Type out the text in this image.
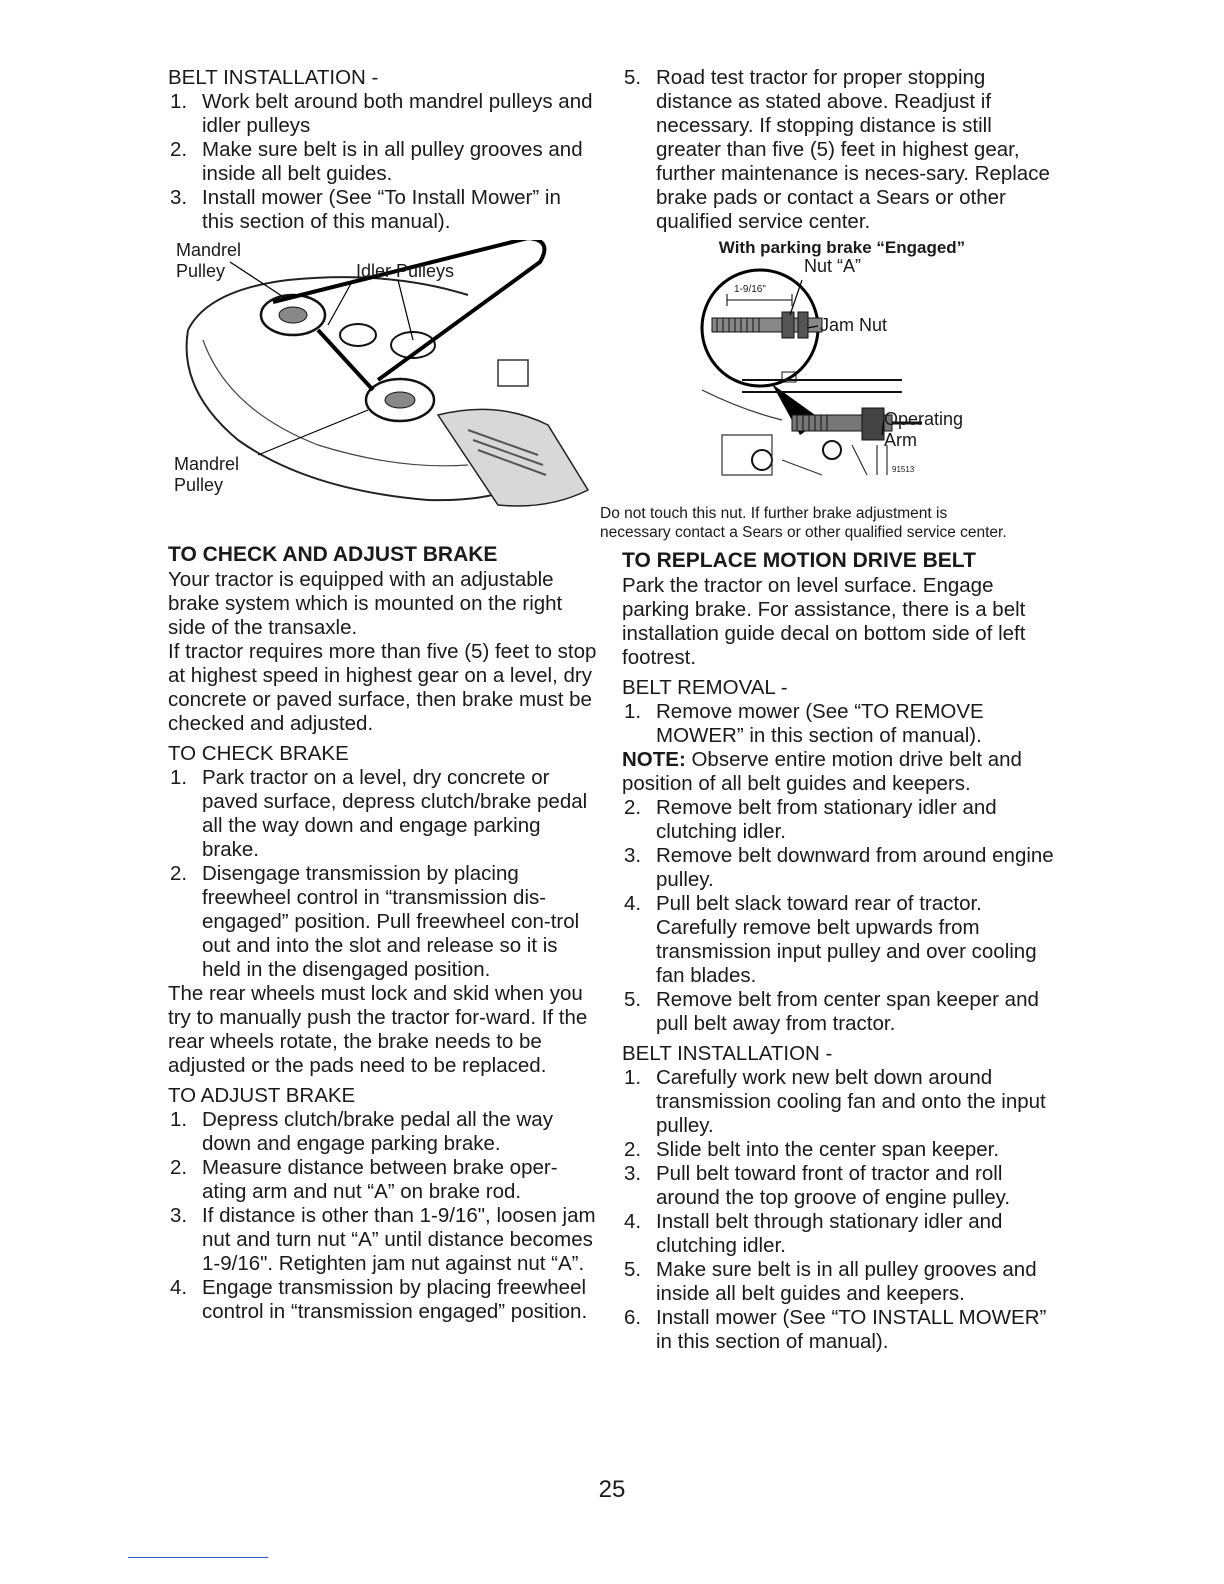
BELT INSTALLATION -
1. Work belt around both mandrel pulleys and idler pulleys
2. Make sure belt is in all pulley grooves and inside all belt guides.
3. Install mower (See “To Install Mower” in this section of this manual).
Mandrel
Pulley	Idler Pulleys
Mandrel
Pulley
TO CHECK AND ADJUST BRAKE

Your tractor is equipped with an adjustable brake system which is mounted on the right side of the transaxle.

If tractor requires more than five (5) feet to stop at highest speed in highest gear on a level, dry concrete or paved surface, then brake must be checked and adjusted.

TO CHECK BRAKE
1. Park tractor on a level, dry concrete or paved surface, depress clutch/brake pedal all the way down and engage parking brake.
2. Disengage transmission by placing freewheel control in “transmission dis-engaged” position. Pull freewheel con-trol out and into the slot and release so it is held in the disengaged position.

The rear wheels must lock and skid when you try to manually push the tractor for-ward. If the rear wheels rotate, the brake needs to be adjusted or the pads need to be replaced.

TO ADJUST BRAKE
1. Depress clutch/brake pedal all the way down and engage parking brake.
2. Measure distance between brake oper-ating arm and nut “A” on brake rod.
3. If distance is other than 1-9/16", loosen jam nut and turn nut “A” until distance becomes 1-9/16". Retighten jam nut against nut “A”.
4. Engage transmission by placing freewheel control in “transmission engaged” position.
5. Road test tractor for proper stopping distance as stated above. Readjust if necessary. If stopping distance is still greater than five (5) feet in highest gear, further maintenance is neces-sary. Replace brake pads or contact a Sears or other qualified service center.
With parking brake “Engaged”
Nut “A”
Jam Nut
Operating
Arm
1-9/16"
91513

Do not touch this nut. If further brake adjustment is necessary contact a Sears or other qualified service center.

TO REPLACE MOTION DRIVE BELT

Park the tractor on level surface. Engage parking brake. For assistance, there is a belt installation guide decal on bottom side of left footrest.

BELT REMOVAL -
1. Remove mower (See “TO REMOVE MOWER” in this section of manual).

NOTE: Observe entire motion drive belt and position of all belt guides and keepers.

2. Remove belt from stationary idler and clutching idler.
3. Remove belt downward from around engine pulley.
4. Pull belt slack toward rear of tractor. Carefully remove belt upwards from transmission input pulley and over cooling fan blades.
5. Remove belt from center span keeper and pull belt away from tractor.
BELT INSTALLATION -
1. Carefully work new belt down around transmission cooling fan and onto the input pulley.
2. Slide belt into the center span keeper.
3. Pull belt toward front of tractor and roll around the top groove of engine pulley.
4. Install belt through stationary idler and clutching idler.
5. Make sure belt is in all pulley grooves and inside all belt guides and keepers.
6. Install mower (See “TO INSTALL MOWER” in this section of manual).
25
